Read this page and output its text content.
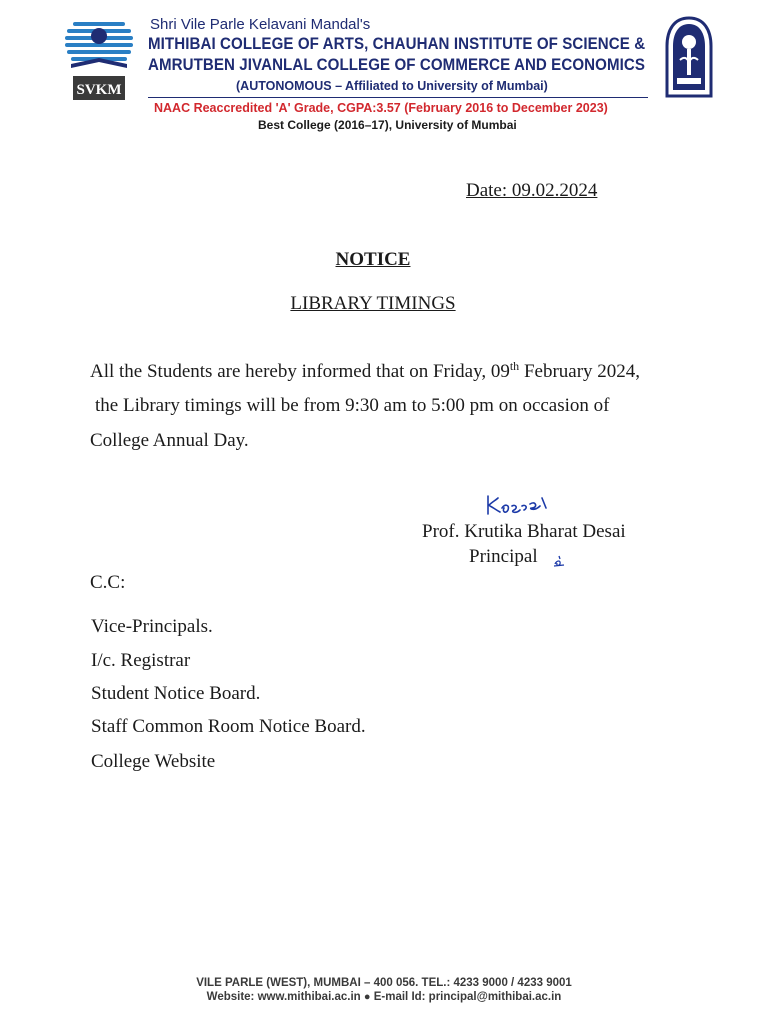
SVKM
Shri Vile Parle Kelavani Mandal's
MITHIBAI COLLEGE OF ARTS, CHAUHAN INSTITUTE OF SCIENCE &
AMRUTBEN JIVANLAL COLLEGE OF COMMERCE AND ECONOMICS
(AUTONOMOUS – Affiliated to University of Mumbai)
NAAC Reaccredited 'A' Grade, CGPA:3.57 (February 2016 to December 2023)
Best College (2016–17), University of Mumbai
Date: 09.02.2024
NOTICE
LIBRARY TIMINGS
All the Students are hereby informed that on Friday, 09th February 2024,
the Library timings will be from 9:30 am to 5:00 pm on occasion of
College Annual Day.
Prof. Krutika Bharat Desai
Principal
C.C:
Vice-Principals.
I/c. Registrar
Student Notice Board.
Staff Common Room Notice Board.
College Website
VILE PARLE (WEST), MUMBAI – 400 056. TEL.: 4233 9000 / 4233 9001
Website: www.mithibai.ac.in ● E-mail Id: principal@mithibai.ac.in
